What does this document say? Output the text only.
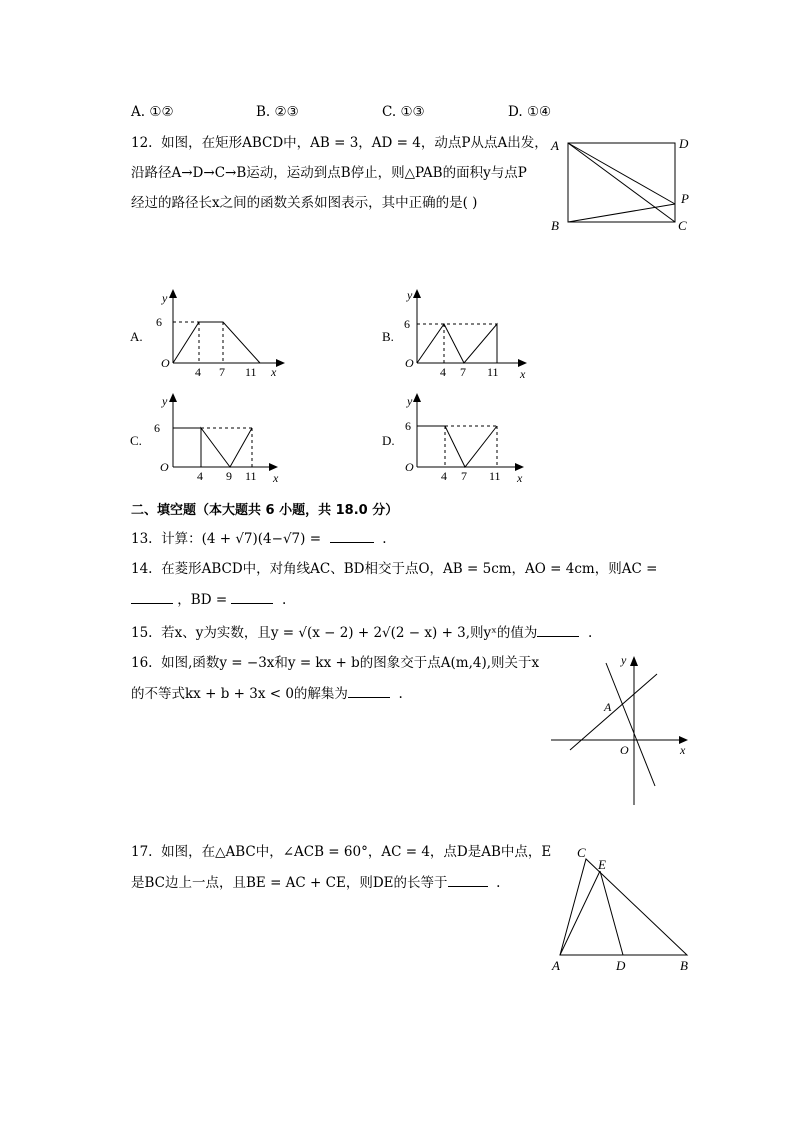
A. ①②	B. ②③	C. ①③	D. ①④
12. 如图，在矩形ABCD中，AB = 3，AD = 4，动点P从点A出发，
沿路径A→D→C→B运动，运动到点B停止，则△PAB的面积y与点P
经过的路径长x之间的函数关系如图表示，其中正确的是( )
A	D
B	C
P
A.
y
6
O
4 7 11 x
B.
y
6
O
4 7 11 x
C.
y
6
O
4 9 11 x
D.
y
6
O
4 7 11 x
二、填空题（本大题共 6 小题，共 18.0 分）
13. 计算：(4 + √7)(4−√7) =	.
14. 在菱形ABCD中，对角线AC、BD相交于点O，AB = 5cm，AO = 4cm，则AC =
，BD =	.
15. 若x、y为实数，且y = √(x − 2) + 2√(2 − x) + 3,则yˣ的值为	.
16. 如图,函数y = −3x和y = kx + b的图象交于点A(m,4),则关于x
的不等式kx + b + 3x < 0的解集为	.
y
x
O
A
17. 如图，在△ABC中，∠ACB = 60°，AC = 4，点D是AB中点，E
是BC边上一点，且BE = AC + CE，则DE的长等于	.
C
E
A	D	B
